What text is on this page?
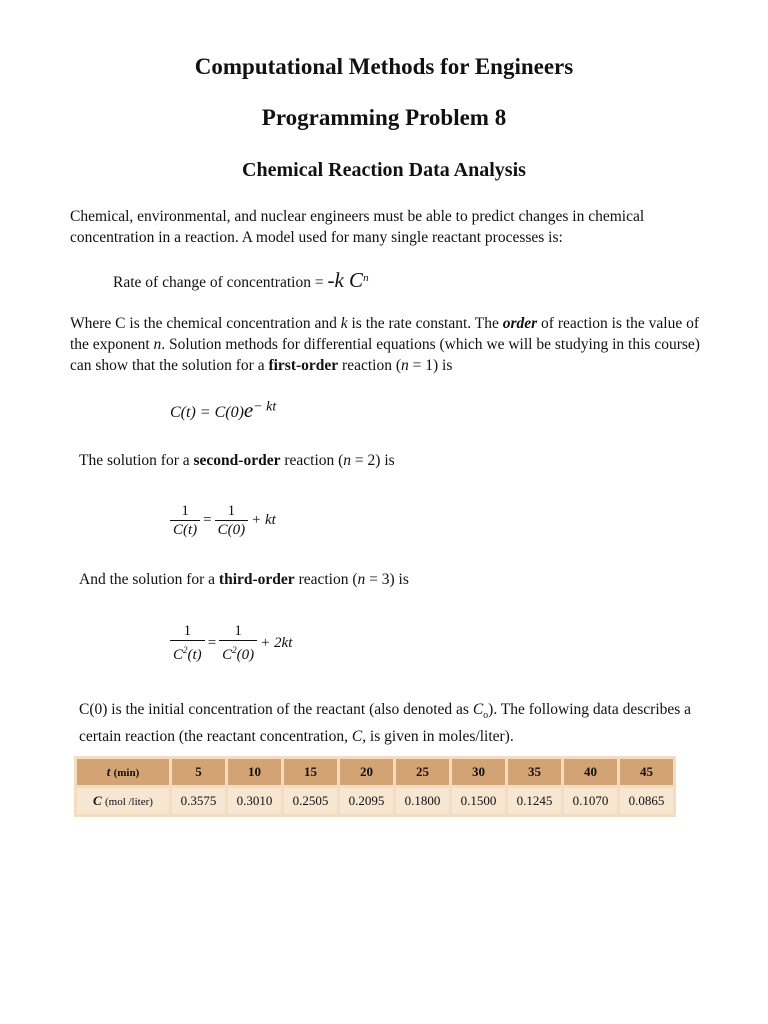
Computational Methods for Engineers
Programming Problem 8
Chemical Reaction Data Analysis
Chemical, environmental, and nuclear engineers must be able to predict changes in chemical concentration in a reaction. A model used for many single reactant processes is:
Rate of change of concentration = -k $C^n$
Where C is the chemical concentration and k is the rate constant. The order of reaction is the value of the exponent n. Solution methods for differential equations (which we will be studying in this course) can show that the solution for a first-order reaction (n = 1) is
$C(t) = C(0)e^{- kt}$
The solution for a second-order reaction (n = 2) is
$\frac{1}{C(t)} = \frac{1}{C(0)}$ + kt
And the solution for a third-order reaction (n = 3) is
$\frac{1}{C^2(t)} = \frac{1}{C^2(0)} + 2kt$
C(0) is the initial concentration of the reactant (also denoted as $C_o$). The following data describes a certain reaction (the reactant concentration, C, is given in moles/liter).
t (min)	5	10	15	20	25	30	35	40	45
C (mol /liter)	0.3575	0.3010	0.2505	0.2095	0.1800	0.1500	0.1245	0.1070	0.0865
